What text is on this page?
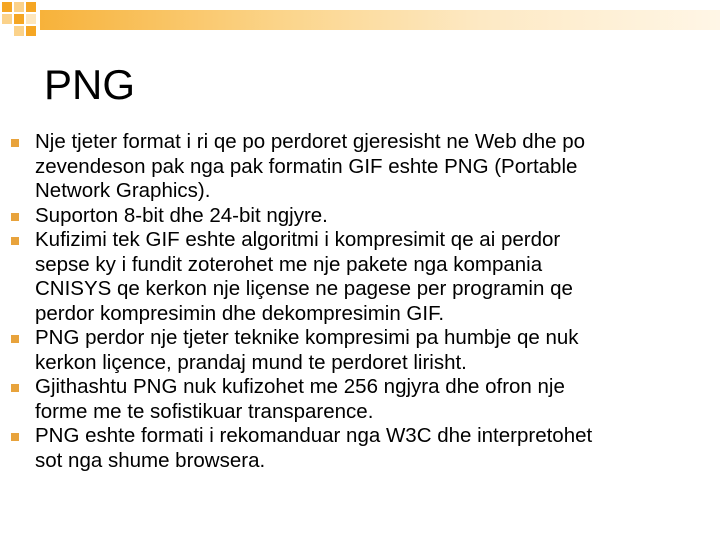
PNG
Nje tjeter format i ri qe po perdoret gjeresisht ne Web dhe po
zevendeson pak nga pak formatin GIF eshte PNG (Portable
Network Graphics).
Suporton 8-bit dhe 24-bit ngjyre.
Kufizimi tek GIF eshte algoritmi i kompresimit qe ai perdor
sepse ky i fundit zoterohet me nje pakete nga kompania
CNISYS qe kerkon nje liçense ne pagese per programin qe
perdor kompresimin dhe dekompresimin GIF.
PNG perdor nje tjeter teknike kompresimi pa humbje qe nuk
kerkon liçence, prandaj mund te perdoret lirisht.
Gjithashtu PNG nuk kufizohet me 256 ngjyra dhe ofron nje
forme me te sofistikuar transparence.
PNG eshte formati i rekomanduar nga W3C dhe interpretohet
sot nga shume browsera.
